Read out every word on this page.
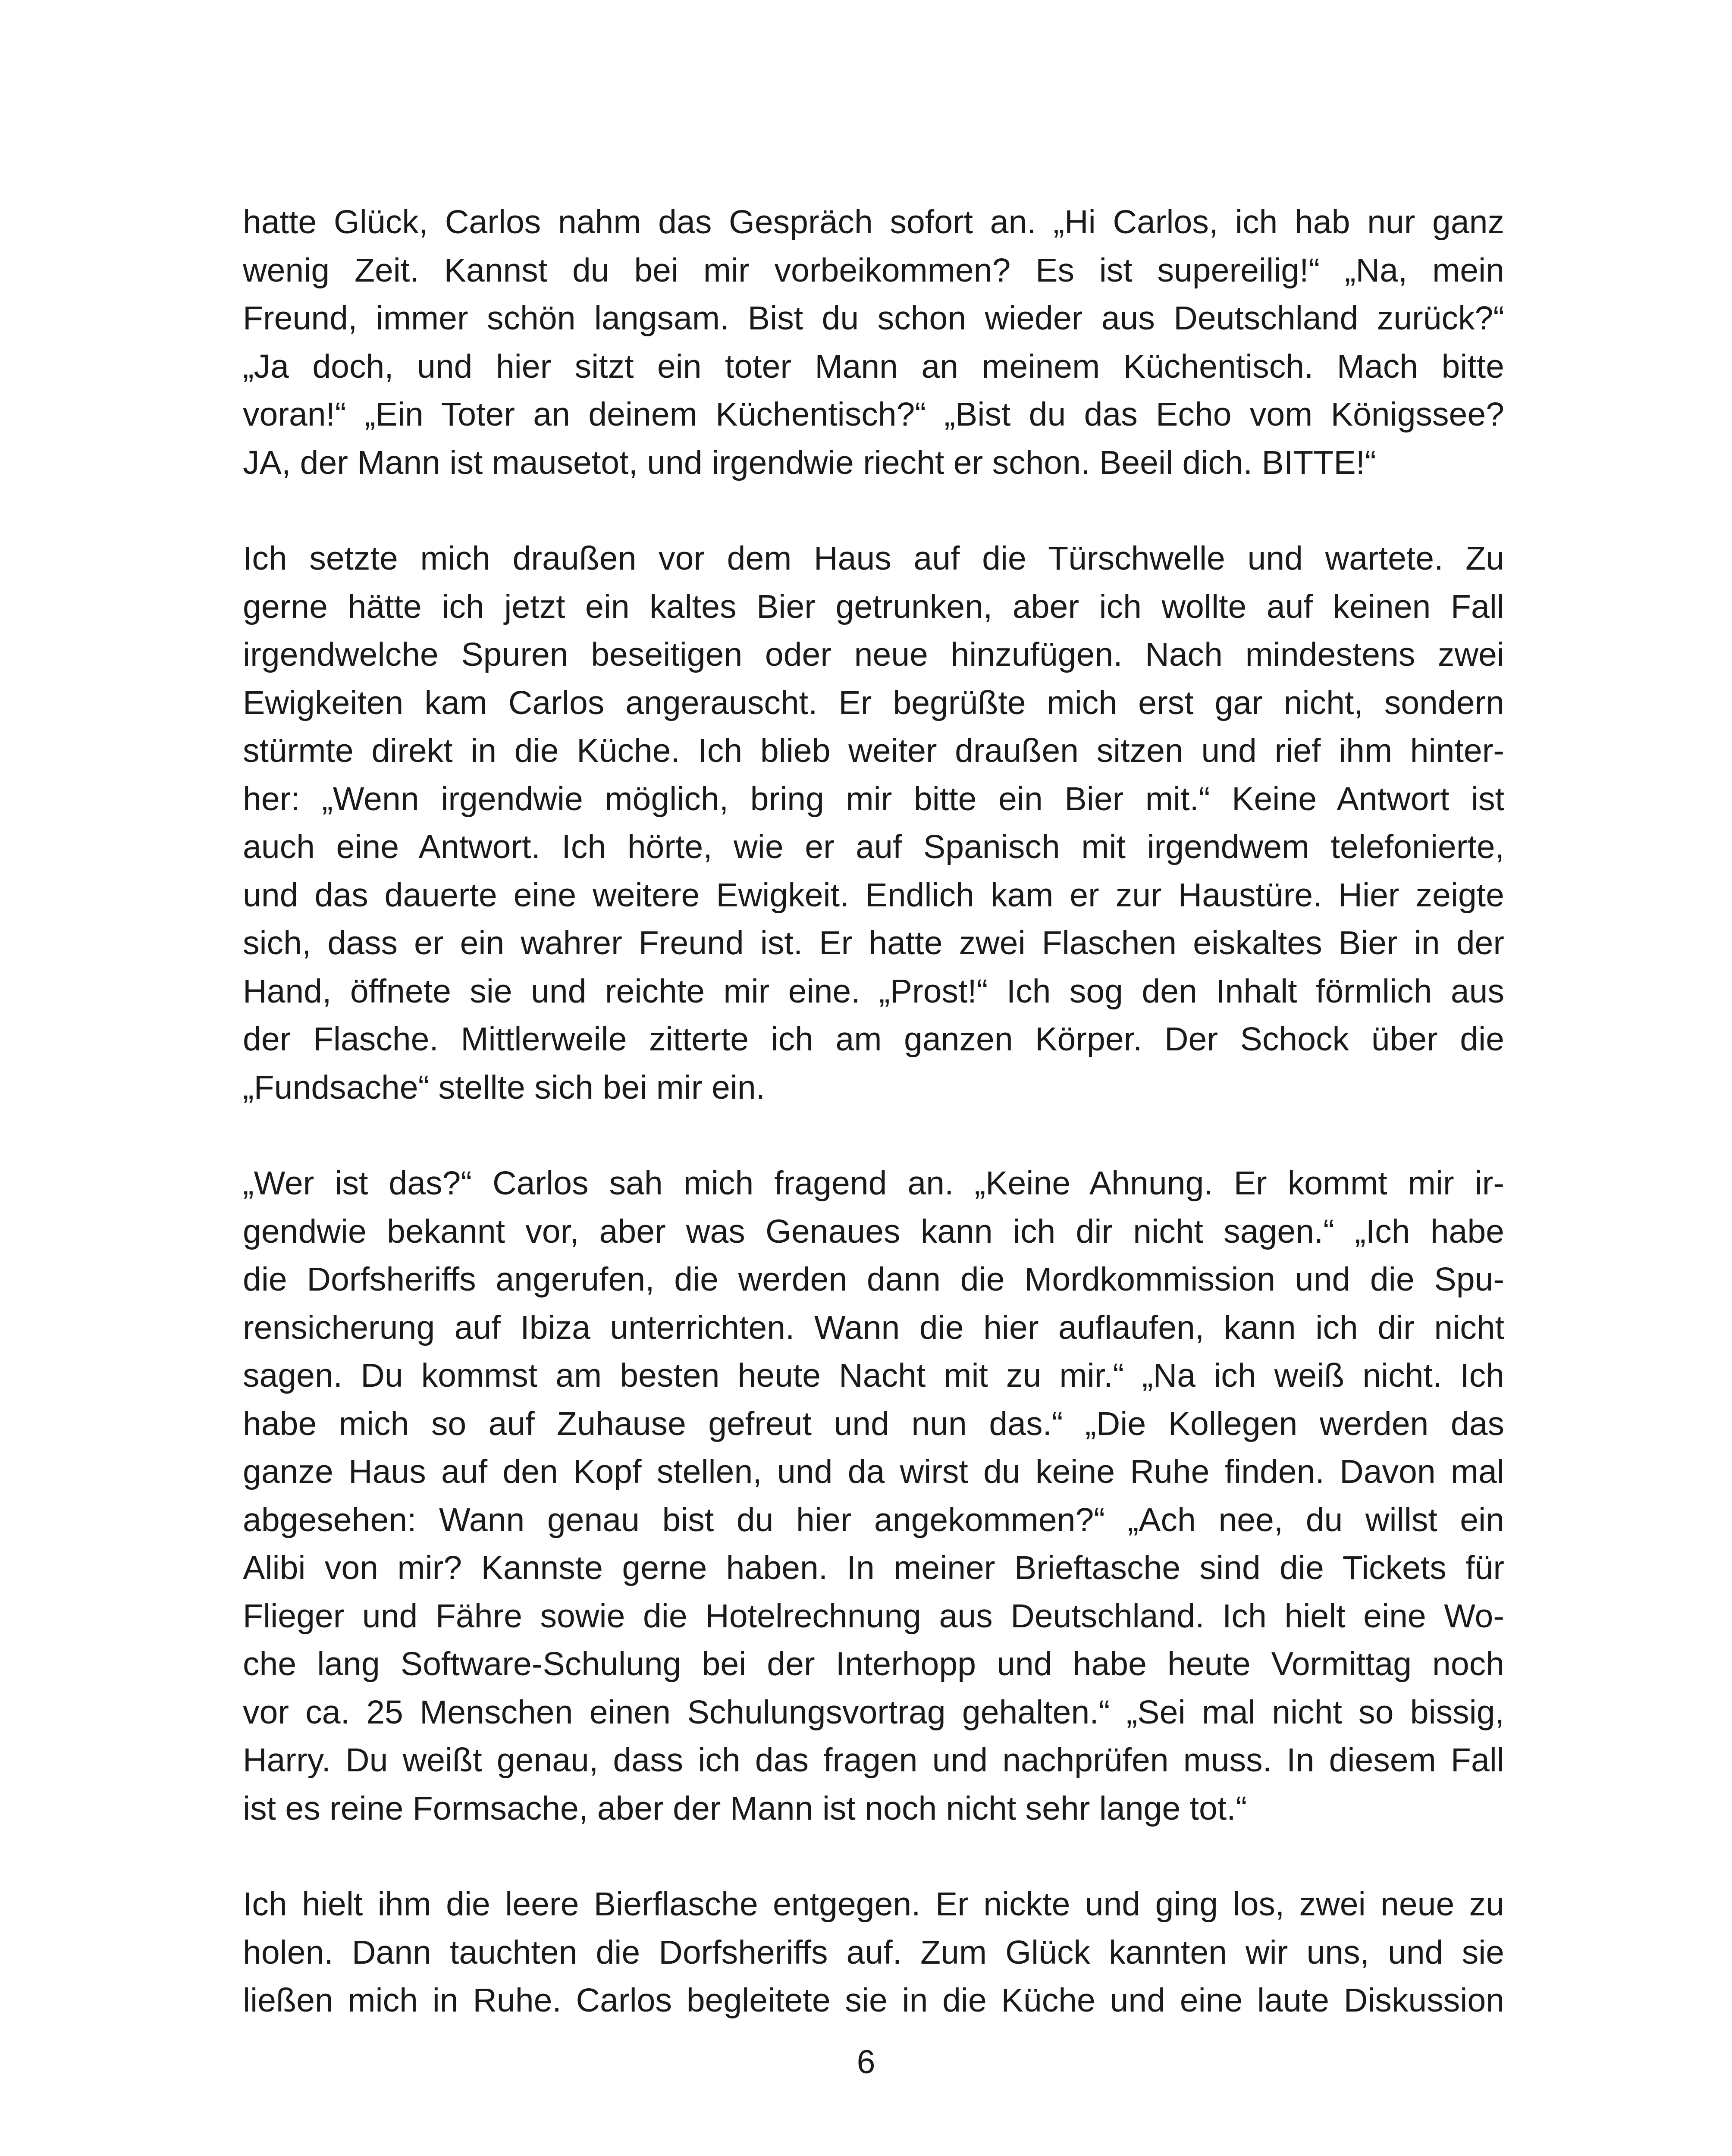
hatte Glück, Carlos nahm das Gespräch sofort an. „Hi Carlos, ich hab nur ganz
wenig Zeit. Kannst du bei mir vorbeikommen? Es ist supereilig!“ „Na, mein
Freund, immer schön langsam. Bist du schon wieder aus Deutschland zurück?“
„Ja doch, und hier sitzt ein toter Mann an meinem Küchentisch. Mach bitte
voran!“ „Ein Toter an deinem Küchentisch?“ „Bist du das Echo vom Königssee?
JA, der Mann ist mausetot, und irgendwie riecht er schon. Beeil dich. BITTE!“

Ich setzte mich draußen vor dem Haus auf die Türschwelle und wartete. Zu
gerne hätte ich jetzt ein kaltes Bier getrunken, aber ich wollte auf keinen Fall
irgendwelche Spuren beseitigen oder neue hinzufügen. Nach mindestens zwei
Ewigkeiten kam Carlos angerauscht. Er begrüßte mich erst gar nicht, sondern
stürmte direkt in die Küche. Ich blieb weiter draußen sitzen und rief ihm hinter-
her: „Wenn irgendwie möglich, bring mir bitte ein Bier mit.“ Keine Antwort ist
auch eine Antwort. Ich hörte, wie er auf Spanisch mit irgendwem telefonierte,
und das dauerte eine weitere Ewigkeit. Endlich kam er zur Haustüre. Hier zeigte
sich, dass er ein wahrer Freund ist. Er hatte zwei Flaschen eiskaltes Bier in der
Hand, öffnete sie und reichte mir eine. „Prost!“ Ich sog den Inhalt förmlich aus
der Flasche. Mittlerweile zitterte ich am ganzen Körper. Der Schock über die
„Fundsache“ stellte sich bei mir ein.

„Wer ist das?“ Carlos sah mich fragend an. „Keine Ahnung. Er kommt mir ir-
gendwie bekannt vor, aber was Genaues kann ich dir nicht sagen.“ „Ich habe
die Dorfsheriffs angerufen, die werden dann die Mordkommission und die Spu-
rensicherung auf Ibiza unterrichten. Wann die hier auflaufen, kann ich dir nicht
sagen. Du kommst am besten heute Nacht mit zu mir.“ „Na ich weiß nicht. Ich
habe mich so auf Zuhause gefreut und nun das.“ „Die Kollegen werden das
ganze Haus auf den Kopf stellen, und da wirst du keine Ruhe finden. Davon mal
abgesehen: Wann genau bist du hier angekommen?“ „Ach nee, du willst ein
Alibi von mir? Kannste gerne haben. In meiner Brieftasche sind die Tickets für
Flieger und Fähre sowie die Hotelrechnung aus Deutschland. Ich hielt eine Wo-
che lang Software-Schulung bei der Interhopp und habe heute Vormittag noch
vor ca. 25 Menschen einen Schulungsvortrag gehalten.“ „Sei mal nicht so bissig,
Harry. Du weißt genau, dass ich das fragen und nachprüfen muss. In diesem Fall
ist es reine Formsache, aber der Mann ist noch nicht sehr lange tot.“

Ich hielt ihm die leere Bierflasche entgegen. Er nickte und ging los, zwei neue zu
holen. Dann tauchten die Dorfsheriffs auf. Zum Glück kannten wir uns, und sie
ließen mich in Ruhe. Carlos begleitete sie in die Küche und eine laute Diskussion

6
